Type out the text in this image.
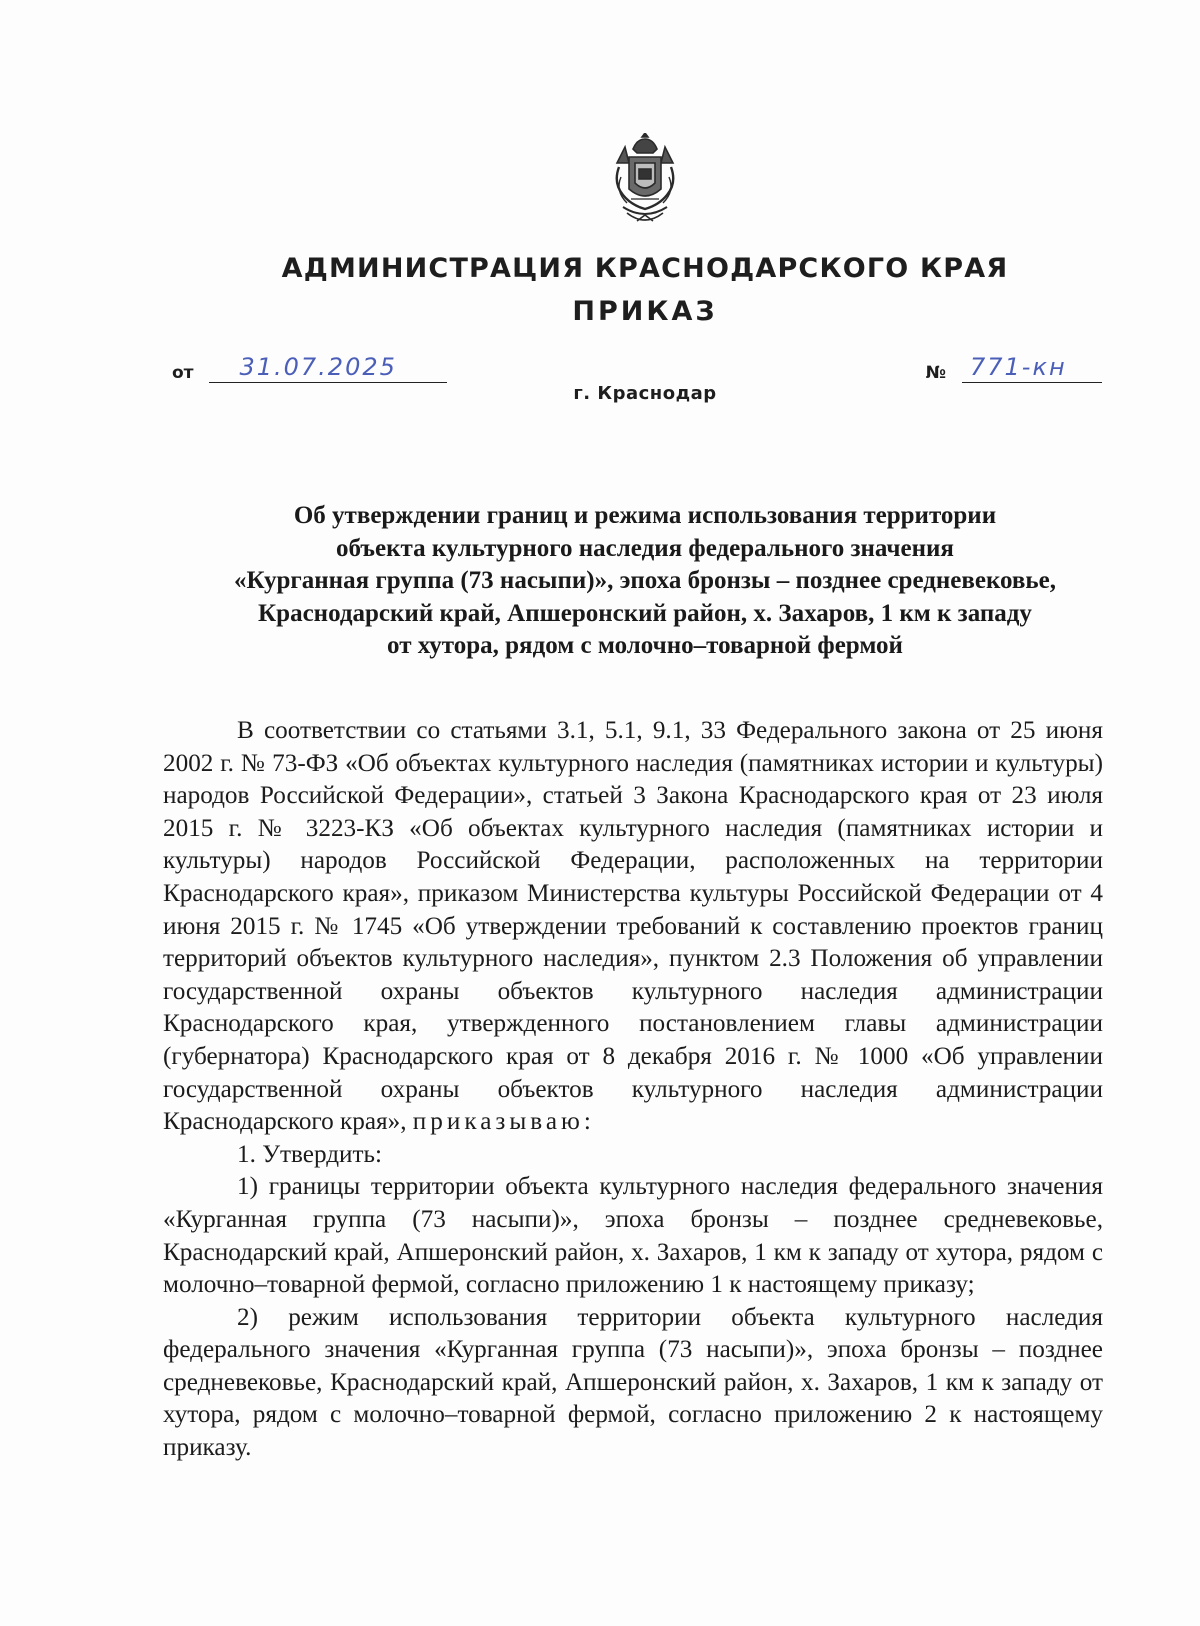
АДМИНИСТРАЦИЯ КРАСНОДАРСКОГО КРАЯ
ПРИКАЗ
от 31.07.2025	№ 771-кн
г. Краснодар
Об утверждении границ и режима использования территории
объекта культурного наследия федерального значения
«Курганная группа (73 насыпи)», эпоха бронзы – позднее средневековье,
Краснодарский край, Апшеронский район, х. Захаров, 1 км к западу
от хутора, рядом с молочно–товарной фермой

В соответствии со статьями 3.1, 5.1, 9.1, 33 Федерального закона от 25 июня 2002 г. № 73-ФЗ «Об объектах культурного наследия (памятниках истории и культуры) народов Российской Федерации», статьей 3 Закона Краснодарского края от 23 июля 2015 г. № 3223-КЗ «Об объектах культурного наследия (памятниках истории и культуры) народов Российской Федерации, расположенных на территории Краснодарского края», приказом Министерства культуры Российской Федерации от 4 июня 2015 г. № 1745 «Об утверждении требований к составлению проектов границ территорий объектов культурного наследия», пунктом 2.3 Положения об управлении государственной охраны объектов культурного наследия администрации Краснодарского края, утвержденного постановлением главы администрации (губернатора) Краснодарского края от 8 декабря 2016 г. № 1000 «Об управлении государственной охраны объектов культурного наследия администрации Краснодарского края», приказываю:

1. Утвердить:

1) границы территории объекта культурного наследия федерального значения «Курганная группа (73 насыпи)», эпоха бронзы – позднее средневековье, Краснодарский край, Апшеронский район, х. Захаров, 1 км к западу от хутора, рядом с молочно–товарной фермой, согласно приложению 1 к настоящему приказу;

2) режим использования территории объекта культурного наследия федерального значения «Курганная группа (73 насыпи)», эпоха бронзы – позднее средневековье, Краснодарский край, Апшеронский район, х. Захаров, 1 км к западу от хутора, рядом с молочно–товарной фермой, согласно приложению 2 к настоящему приказу.
